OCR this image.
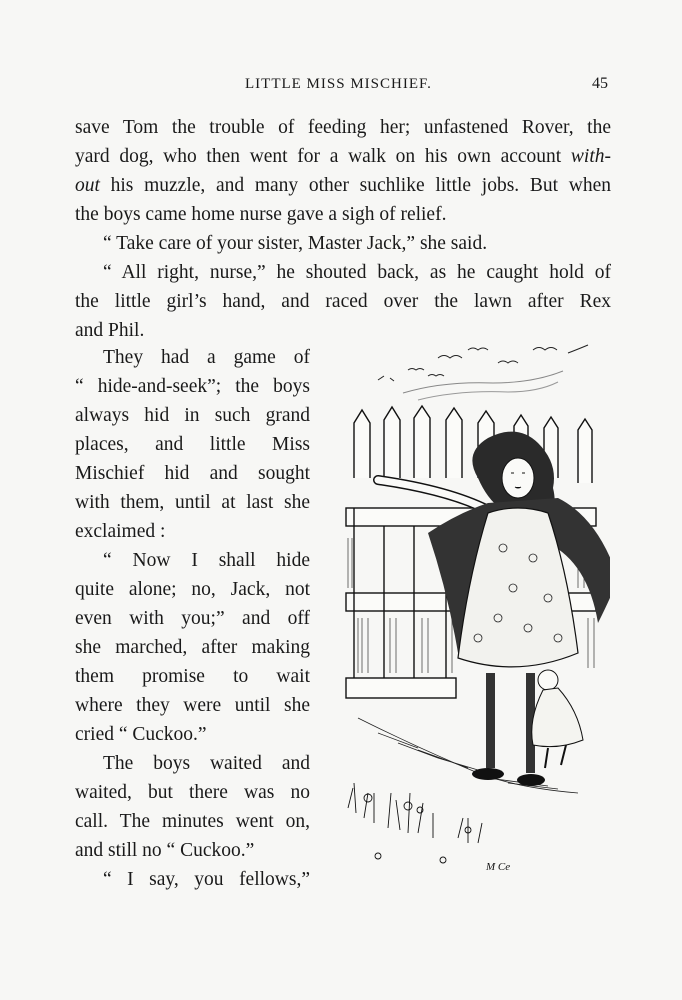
LITTLE MISS MISCHIEF.	45

save Tom the trouble of feeding her; unfastened Rover, the
yard dog, who then went for a walk on his own account with-
out his muzzle, and many other suchlike little jobs. But when
the boys came home nurse gave a sigh of relief.

“ Take care of your sister, Master Jack,” she said.

“ All right, nurse,” he shouted back, as he caught hold of
the little girl’s hand, and raced over the lawn after Rex
and Phil.

They had a game of
“ hide-and-seek”; the boys
always hid in such grand
places, and little Miss
Mischief hid and sought
with them, until at last she
exclaimed :

“ Now I shall hide
quite alone; no, Jack, not
even with you;” and off
she marched, after making
them promise to wait
where they were until she
cried “ Cuckoo.”

The boys waited and
waited, but there was no
call. The minutes went on,
and still no “ Cuckoo.”

“ I say, you fellows,”

M Ce
